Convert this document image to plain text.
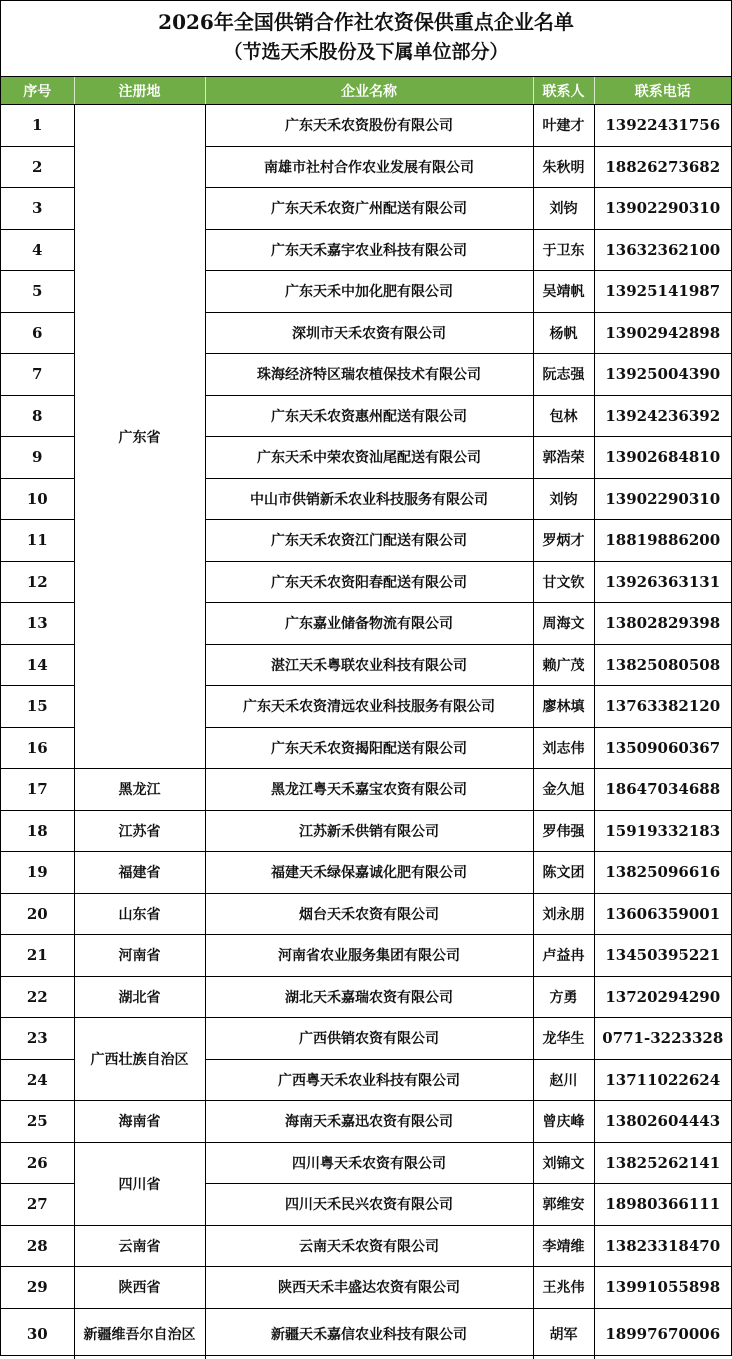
2026年全国供销合作社农资保供重点企业名单
（节选天禾股份及下属单位部分）
序号	注册地	企业名称	联系人	联系电话
1	广东省	广东天禾农资股份有限公司	叶建才	13922431756
2		南雄市社村合作农业发展有限公司	朱秋明	18826273682
3		广东天禾农资广州配送有限公司	刘钧	13902290310
4		广东天禾嘉宇农业科技有限公司	于卫东	13632362100
5		广东天禾中加化肥有限公司	吴靖帆	13925141987
6		深圳市天禾农资有限公司	杨帆	13902942898
7		珠海经济特区瑞农植保技术有限公司	阮志强	13925004390
8		广东天禾农资惠州配送有限公司	包林	13924236392
9		广东天禾中荣农资汕尾配送有限公司	郭浩荣	13902684810
10		中山市供销新禾农业科技服务有限公司	刘钧	13902290310
11		广东天禾农资江门配送有限公司	罗炳才	18819886200
12		广东天禾农资阳春配送有限公司	甘文钦	13926363131
13		广东嘉业储备物流有限公司	周海文	13802829398
14		湛江天禾粤联农业科技有限公司	赖广茂	13825080508
15		广东天禾农资清远农业科技服务有限公司	廖林填	13763382120
16		广东天禾农资揭阳配送有限公司	刘志伟	13509060367
17	黑龙江	黑龙江粤天禾嘉宝农资有限公司	金久旭	18647034688
18	江苏省	江苏新禾供销有限公司	罗伟强	15919332183
19	福建省	福建天禾绿保嘉诚化肥有限公司	陈文团	13825096616
20	山东省	烟台天禾农资有限公司	刘永朋	13606359001
21	河南省	河南省农业服务集团有限公司	卢益冉	13450395221
22	湖北省	湖北天禾嘉瑞农资有限公司	方勇	13720294290
23	广西壮族自治区	广西供销农资有限公司	龙华生	0771-3223328
24		广西粤天禾农业科技有限公司	赵川	13711022624
25	海南省	海南天禾嘉迅农资有限公司	曾庆峰	13802604443
26	四川省	四川粤天禾农资有限公司	刘锦文	13825262141
27		四川天禾民兴农资有限公司	郭维安	18980366111
28	云南省	云南天禾农资有限公司	李靖维	13823318470
29	陕西省	陕西天禾丰盛达农资有限公司	王兆伟	13991055898
30	新疆维吾尔自治区	新疆天禾嘉信农业科技有限公司	胡军	18997670006
